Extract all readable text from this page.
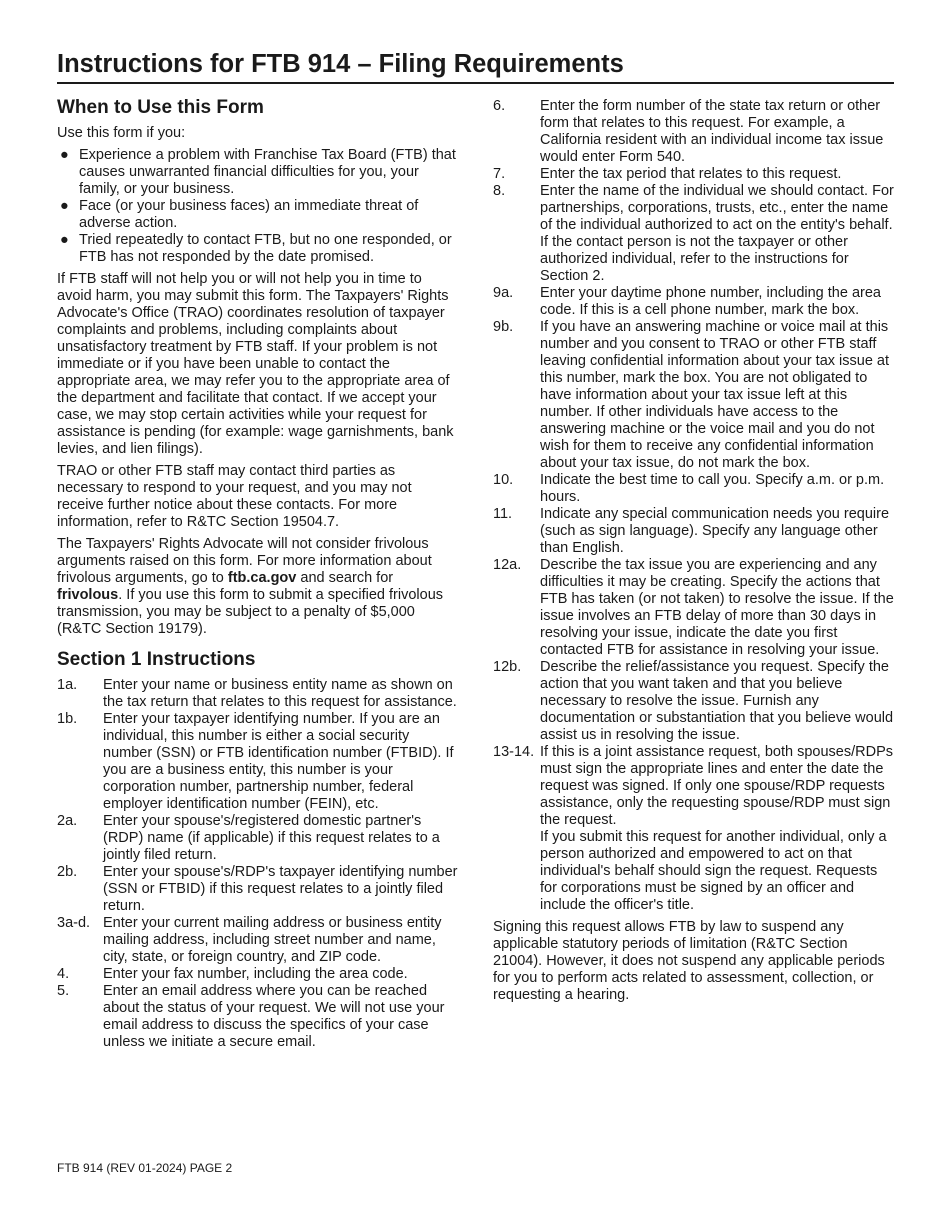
Instructions for FTB 914 – Filing Requirements
When to Use this Form

Use this form if you:

● Experience a problem with Franchise Tax Board (FTB) that causes unwarranted financial difficulties for you, your family, or your business.
● Face (or your business faces) an immediate threat of adverse action.
● Tried repeatedly to contact FTB, but no one responded, or FTB has not responded by the date promised.

If FTB staff will not help you or will not help you in time to avoid harm, you may submit this form. The Taxpayers' Rights Advocate's Office (TRAO) coordinates resolution of taxpayer complaints and problems, including complaints about unsatisfactory treatment by FTB staff. If your problem is not immediate or if you have been unable to contact the appropriate area, we may refer you to the appropriate area of the department and facilitate that contact. If we accept your case, we may stop certain activities while your request for assistance is pending (for example: wage garnishments, bank levies, and lien filings).

TRAO or other FTB staff may contact third parties as necessary to respond to your request, and you may not receive further notice about these contacts. For more information, refer to R&TC Section 19504.7.

The Taxpayers' Rights Advocate will not consider frivolous arguments raised on this form. For more information about frivolous arguments, go to ftb.ca.gov and search for frivolous. If you use this form to submit a specified frivolous transmission, you may be subject to a penalty of $5,000 (R&TC Section 19179).

Section 1 Instructions
1a.	Enter your name or business entity name as shown on the tax return that relates to this request for assistance.
1b.	Enter your taxpayer identifying number. If you are an individual, this number is either a social security number (SSN) or FTB identification number (FTBID). If you are a business entity, this number is your corporation number, partnership number, federal employer identification number (FEIN), etc.
2a.	Enter your spouse's/registered domestic partner's (RDP) name (if applicable) if this request relates to a jointly filed return.
2b.	Enter your spouse's/RDP's taxpayer identifying number (SSN or FTBID) if this request relates to a jointly filed return.
3a-d. Enter your current mailing address or business entity mailing address, including street number and name, city, state, or foreign country, and ZIP code.
4.	Enter your fax number, including the area code.
5.	Enter an email address where you can be reached about the status of your request. We will not use your email address to discuss the specifics of your case unless we initiate a secure email.
6.	Enter the form number of the state tax return or other form that relates to this request. For example, a California resident with an individual income tax issue would enter Form 540.
7.	Enter the tax period that relates to this request.
8.	Enter the name of the individual we should contact. For partnerships, corporations, trusts, etc., enter the name of the individual authorized to act on the entity's behalf. If the contact person is not the taxpayer or other authorized individual, refer to the instructions for Section 2.
9a.	Enter your daytime phone number, including the area code. If this is a cell phone number, mark the box.
9b.	If you have an answering machine or voice mail at this number and you consent to TRAO or other FTB staff leaving confidential information about your tax issue at this number, mark the box. You are not obligated to have information about your tax issue left at this number. If other individuals have access to the answering machine or the voice mail and you do not wish for them to receive any confidential information about your tax issue, do not mark the box.
10.	Indicate the best time to call you. Specify a.m. or p.m. hours.
11.	Indicate any special communication needs you require (such as sign language). Specify any language other than English.
12a.	Describe the tax issue you are experiencing and any difficulties it may be creating. Specify the actions that FTB has taken (or not taken) to resolve the issue. If the issue involves an FTB delay of more than 30 days in resolving your issue, indicate the date you first contacted FTB for assistance in resolving your issue.
12b.	Describe the relief/assistance you request. Specify the action that you want taken and that you believe necessary to resolve the issue. Furnish any documentation or substantiation that you believe would assist us in resolving the issue.
13-14. If this is a joint assistance request, both spouses/RDPs must sign the appropriate lines and enter the date the request was signed. If only one spouse/RDP requests assistance, only the requesting spouse/RDP must sign the request.
If you submit this request for another individual, only a person authorized and empowered to act on that individual's behalf should sign the request. Requests for corporations must be signed by an officer and include the officer's title.

Signing this request allows FTB by law to suspend any applicable statutory periods of limitation (R&TC Section 21004). However, it does not suspend any applicable periods for you to perform acts related to assessment, collection, or requesting a hearing.

FTB 914 (REV 01-2024) PAGE 2
